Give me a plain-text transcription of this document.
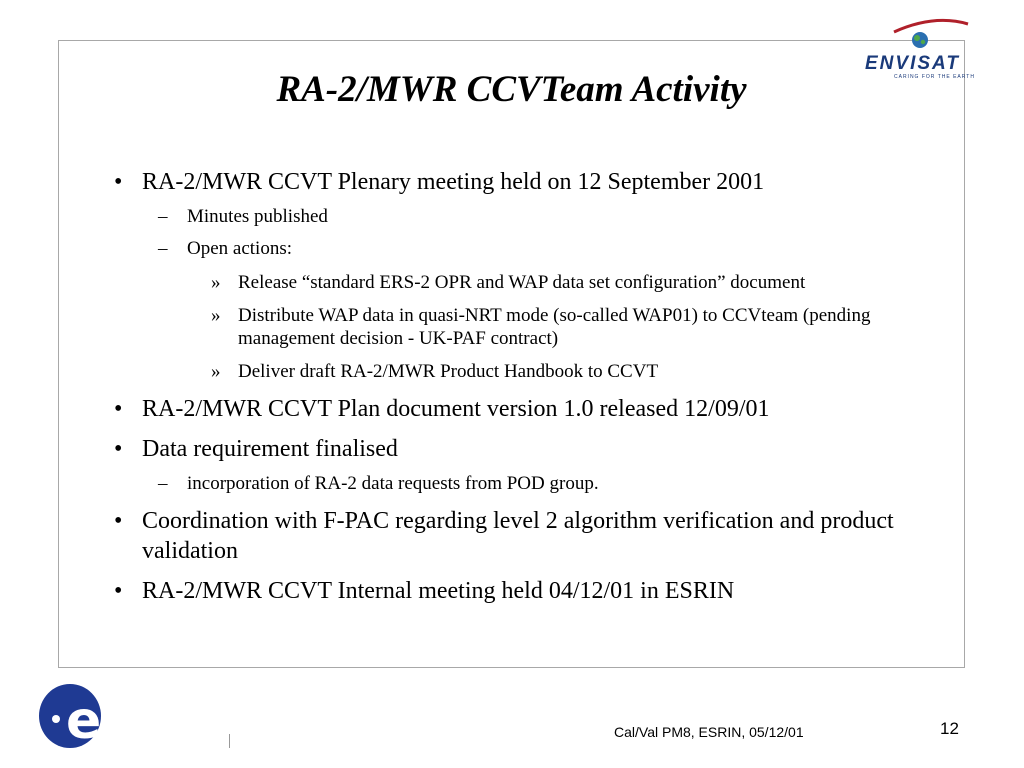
ENVISAT
CARING FOR THE EARTH
RA-2/MWR CCVTeam Activity
• RA-2/MWR CCVT Plenary meeting held on 12 September 2001
– Minutes published
– Open actions:
» Release “standard ERS-2 OPR and WAP data set configuration” document
» Distribute WAP data in quasi-NRT mode (so-called WAP01) to CCVteam (pending management decision - UK-PAF contract)
» Deliver draft RA-2/MWR Product Handbook to CCVT
• RA-2/MWR CCVT Plan document version 1.0 released 12/09/01
• Data requirement finalised
– incorporation of RA-2 data requests from POD group.
• Coordination with F-PAC regarding level 2 algorithm verification and product validation
• RA-2/MWR CCVT Internal meeting held 04/12/01 in ESRIN
esa	Cal/Val PM8, ESRIN, 05/12/01	12
